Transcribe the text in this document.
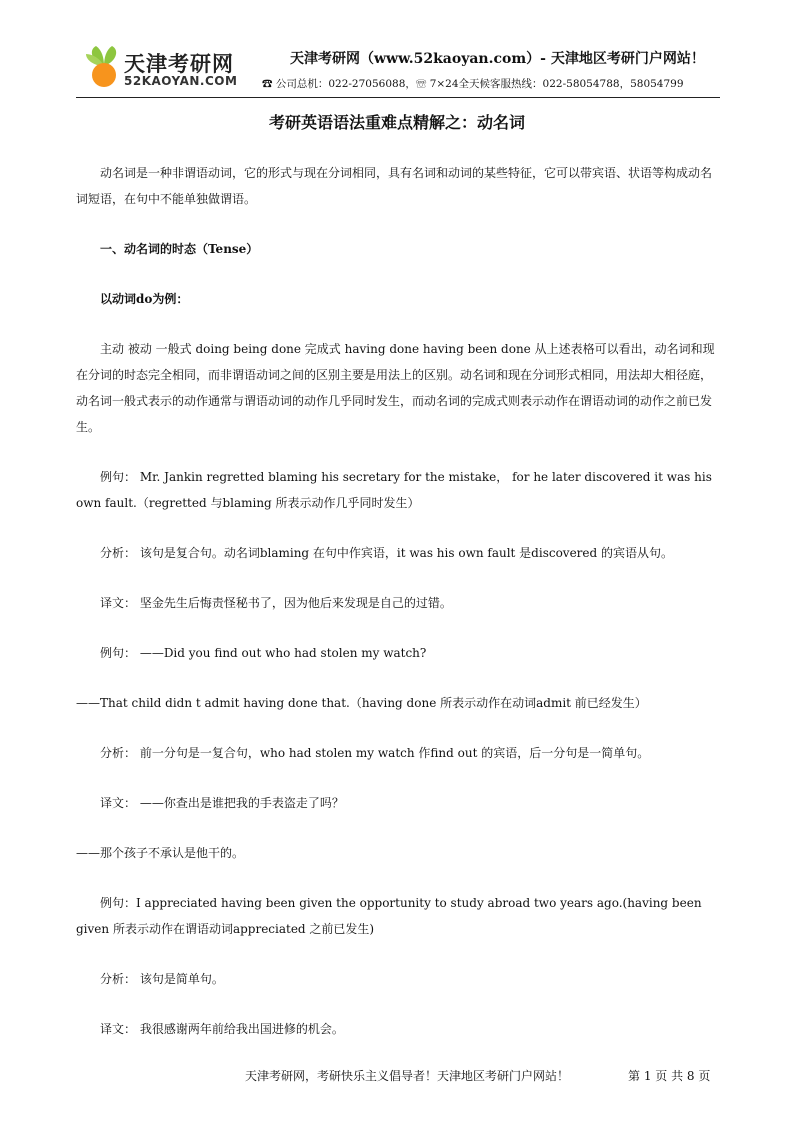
天津考研网
52KAOYAN.COM
天津考研网（www.52kaoyan.com）- 天津地区考研门户网站！
☎ 公司总机：022-27056088，☏ 7×24全天候客服热线：022-58054788，58054799
考研英语语法重难点精解之：动名词

动名词是一种非谓语动词，它的形式与现在分词相同，具有名词和动词的某些特征，它可以带宾语、状语等构成动名词短语，在句中不能单独做谓语。

一、动名词的时态（Tense）

以动词do为例：

主动 被动 一般式 doing being done 完成式 having done having been done 从上述表格可以看出，动名词和现在分词的时态完全相同，而非谓语动词之间的区别主要是用法上的区别。动名词和现在分词形式相同，用法却大相径庭，动名词一般式表示的动作通常与谓语动词的动作几乎同时发生，而动名词的完成式则表示动作在谓语动词的动作之前已发生。

例句： Mr. Jankin regretted blaming his secretary for the mistake， for he later discovered it was his own fault.（regretted 与blaming 所表示动作几乎同时发生）

分析： 该句是复合句。动名词blaming 在句中作宾语，it was his own fault 是discovered 的宾语从句。

译文： 坚金先生后悔责怪秘书了，因为他后来发现是自己的过错。

例句： ——Did you find out who had stolen my watch?

——That child didn t admit having done that.（having done 所表示动作在动词admit 前已经发生）

分析： 前一分句是一复合句，who had stolen my watch 作find out 的宾语，后一分句是一简单句。

译文： ——你查出是谁把我的手表盗走了吗？

——那个孩子不承认是他干的。

例句：I appreciated having been given the opportunity to study abroad two years ago.(having been given 所表示动作在谓语动词appreciated 之前已发生)

分析： 该句是简单句。

译文： 我很感谢两年前给我出国进修的机会。

天津考研网，考研快乐主义倡导者！天津地区考研门户网站！	第 1 页 共 8 页
